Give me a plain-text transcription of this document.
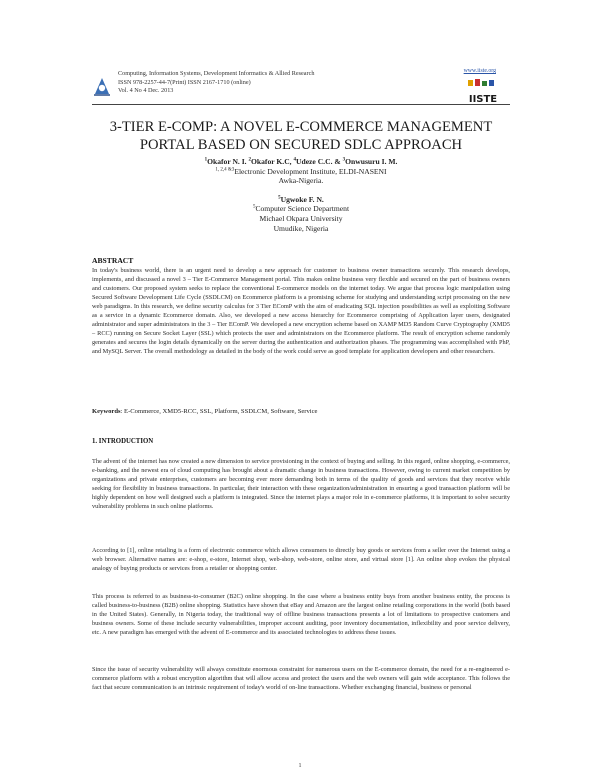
Computing, Information Systems, Development Informatics & Allied Research
ISSN 978-2257-44-7(Print) ISSN 2167-1710 (online)
Vol. 4 No 4 Dec. 2013
www.iiste.org
IISTE
3-TIER E-COMP: A NOVEL E-COMMERCE MANAGEMENT PORTAL BASED ON SECURED SDLC APPROACH
$^1$Okafor N. I. $^2$Okafor K.C, $^4$Udeze C.C. & $^3$Onwusuru I. M.
$^{1, 2,4 \&3}$Electronic Development Institute, ELDI-NASENI
Awka-Nigeria.
$^5$Ugwoke F. N.
$^5$Computer Science Department
Michael Okpara University
Umudike, Nigeria
ABSTRACT

In today's business world, there is an urgent need to develop a new approach for customer to business owner transactions securely. This research develops, implements, and discussed a novel 3 – Tier E-Commerce Management portal. This makes online business very flexible and secured on the part of business owners and customers. Our proposed system seeks to replace the conventional E-commerce models on the internet today. We argue that process logic manipulation using Secured Software Development Life Cycle (SSDLCM) on Ecommerce platform is a promising scheme for studying and understanding script processing on the new web paradigms. In this research, we define security calculus for 3 Tier EComP with the aim of eradicating SQL injection possibilities as well as exploiting Software as a service in a dynamic Ecommerce domain. Also, we developed a new access hierarchy for Ecommerce comprising of Application layer users, designated administrator and super administrators in the 3 – Tier EComP. We developed a new encryption scheme based on XAMP MD5 Random Curve Cryptography (XMD5 – RCC) running on Secure Socket Layer (SSL) which protects the user and administrators on the Ecommerce platform. The result of encryption scheme randomly generates and secures the login details dynamically on the server during the authentication and authorization phases. The programming was accomplished with PhP, and MySQL Server. The overall methodology as detailed in the body of the work could serve as good template for application developers and other researchers.

Keywords: E-Commerce, XMD5-RCC, SSL, Platform, SSDLCM, Software, Service
1. INTRODUCTION

The advent of the internet has now created a new dimension to service provisioning in the context of buying and selling. In this regard, online shopping, e-commerce, e-banking, and the newest era of cloud computing has brought about a dramatic change in business transactions. However, owing to current market competition by organizations and private enterprises, customers are becoming ever more demanding both in terms of the quality of goods and services that they receive while seeking for flexibility in business transactions. In particular, their interaction with these organization/administration in ensuring a good transaction platform will be highly dependent on how well designed such a platform is integrated. Since the internet plays a major role in e-commerce platforms, it is important to solve security vulnerability problems in such online platforms.

According to [1], online retailing is a form of electronic commerce which allows consumers to directly buy goods or services from a seller over the Internet using a web browser. Alternative names are: e-shop, e-store, Internet shop, web-shop, web-store, online store, and virtual store [1]. An online shop evokes the physical analogy of buying products or services from a retailer or shopping center.

This process is referred to as business-to-consumer (B2C) online shopping. In the case where a business entity buys from another business entity, the process is called business-to-business (B2B) online shopping. Statistics have shown that eBay and Amazon are the largest online retailing corporations in the world (both based in the United States). Generally, in Nigeria today, the traditional way of offline business transactions presents a lot of limitations to prospective customers and business owners. Some of these include security vulnerabilities, improper account auditing, poor inventory documentation, inflexibility and poor service delivery, etc. A new paradigm has emerged with the advent of E-commerce and its associated technologies to address these issues.

Since the issue of security vulnerability will always constitute enormous constraint for numerous users on the E-commerce domain, the need for a re-engineered e-commerce platform with a robust encryption algorithm that will allow access and protect the users and the web owners will gain wide acceptance. This follows the fact that secure communication is an intrinsic requirement of today's world of on-line transactions. Whether exchanging financial, business or personal

1
